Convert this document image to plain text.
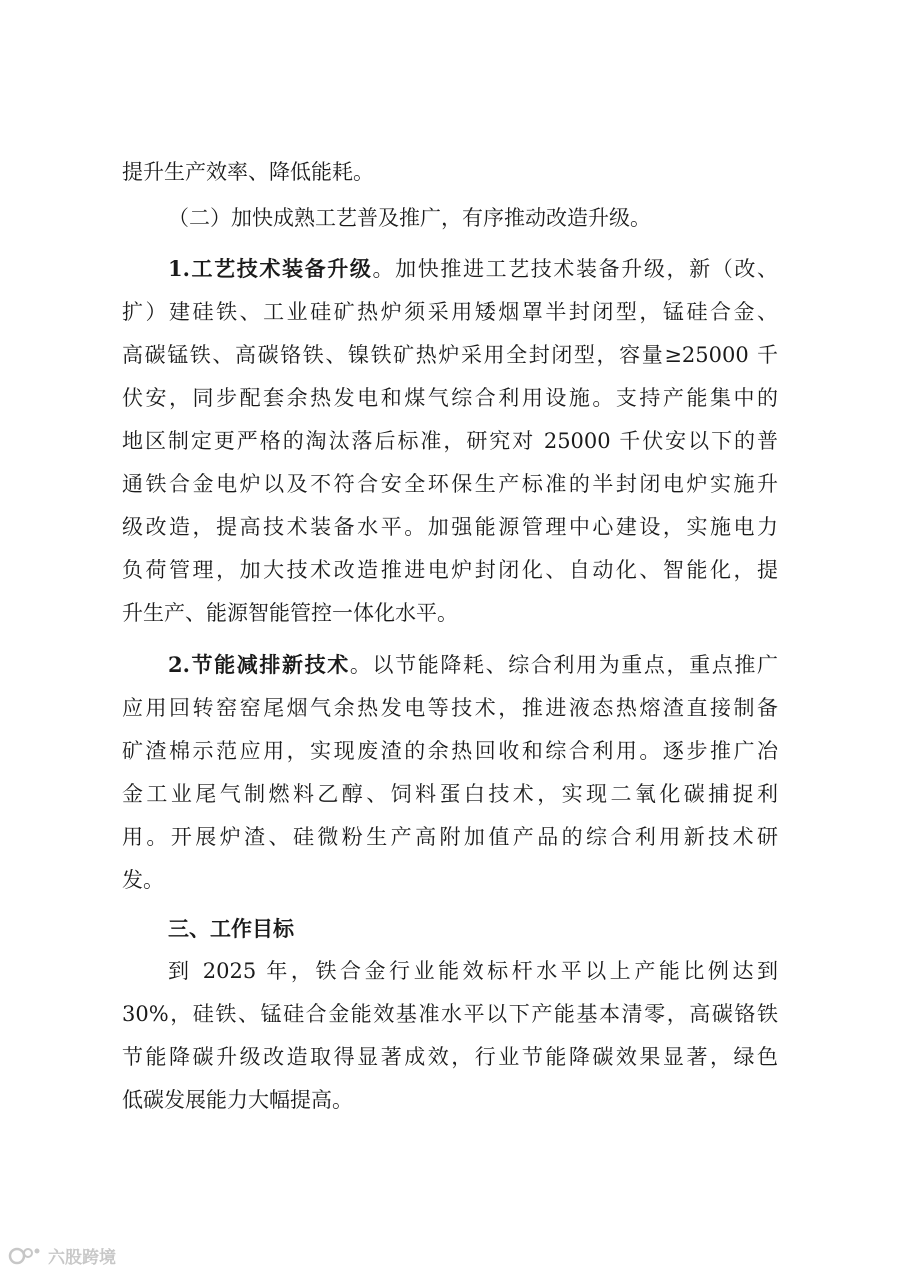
提升生产效率、降低能耗。
（二）加快成熟工艺普及推广，有序推动改造升级。
1.工艺技术装备升级。加快推进工艺技术装备升级，新（改、
扩）建硅铁、工业硅矿热炉须采用矮烟罩半封闭型，锰硅合金、
高碳锰铁、高碳铬铁、镍铁矿热炉采用全封闭型，容量≥25000 千
伏安，同步配套余热发电和煤气综合利用设施。支持产能集中的
地区制定更严格的淘汰落后标准，研究对 25000 千伏安以下的普
通铁合金电炉以及不符合安全环保生产标准的半封闭电炉实施升
级改造，提高技术装备水平。加强能源管理中心建设，实施电力
负荷管理，加大技术改造推进电炉封闭化、自动化、智能化，提
升生产、能源智能管控一体化水平。
2.节能减排新技术。以节能降耗、综合利用为重点，重点推广
应用回转窑窑尾烟气余热发电等技术，推进液态热熔渣直接制备
矿渣棉示范应用，实现废渣的余热回收和综合利用。逐步推广冶
金工业尾气制燃料乙醇、饲料蛋白技术，实现二氧化碳捕捉利
用。开展炉渣、硅微粉生产高附加值产品的综合利用新技术研
发。
三、工作目标
到 2025 年，铁合金行业能效标杆水平以上产能比例达到
30%，硅铁、锰硅合金能效基准水平以下产能基本清零，高碳铬铁
节能降碳升级改造取得显著成效，行业节能降碳效果显著，绿色
低碳发展能力大幅提高。
六股跨境
